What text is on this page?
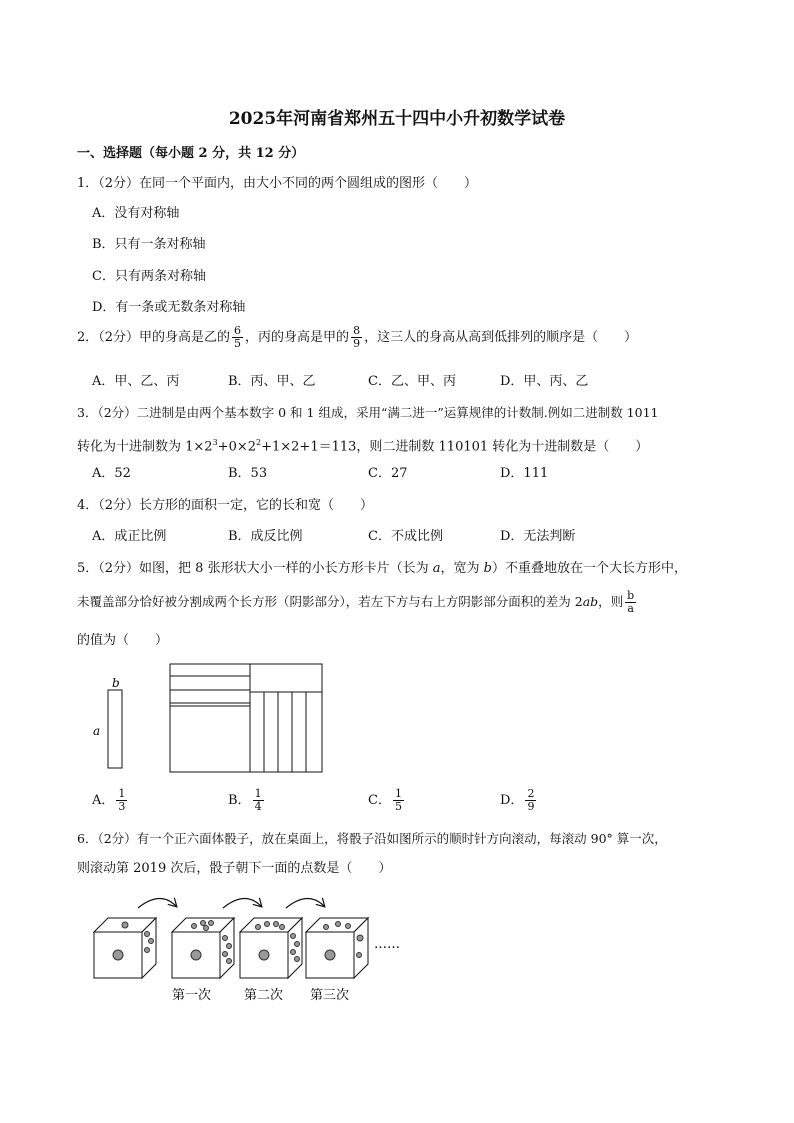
2025年河南省郑州五十四中小升初数学试卷
一、选择题（每小题 2 分，共 12 分）
1．（2分）在同一个平面内，由大小不同的两个圆组成的图形（　　）
A．没有对称轴
B．只有一条对称轴
C．只有两条对称轴
D．有一条或无数条对称轴
2．（2分）甲的身高是乙的 $\frac{6}{5}$ ，丙的身高是甲的 $\frac{8}{9}$ ，这三人的身高从高到低排列的顺序是（　　）
A．甲、乙、丙	B．丙、甲、乙	C．乙、甲、丙	D．甲、丙、乙
3．（2分）二进制是由两个基本数字 0 和 1 组成，采用“满二进一”运算规律的计数制.例如二进制数 1011
转化为十进制数为 $1\times 2^3+0\times 2^2+1\times 2+1=113$，则二进制数 110101 转化为十进制数是（　　）
A．52	B．53	C．27	D．111
4．（2分）长方形的面积一定，它的长和宽（　　）
A．成正比例	B．成反比例	C．不成比例	D．无法判断
5．（2分）如图，把 8 张形状大小一样的小长方形卡片（长为 a，宽为 b）不重叠地放在一个大长方形中，
未覆盖部分恰好被分割成两个长方形（阴影部分），若左下方与右上方阴影部分面积的差为 2ab，则 $\frac{b}{a}$
的值为（　　）
b
a
A． $\frac{1}{3}$	B． $\frac{1}{4}$	C． $\frac{1}{5}$	D． $\frac{2}{9}$
6．（2分）有一个正六面体骰子，放在桌面上，将骰子沿如图所示的顺时针方向滚动，每滚动 90° 算一次，
则滚动第 2019 次后，骰子朝下一面的点数是（　　）
……
第一次	第二次 第三次
